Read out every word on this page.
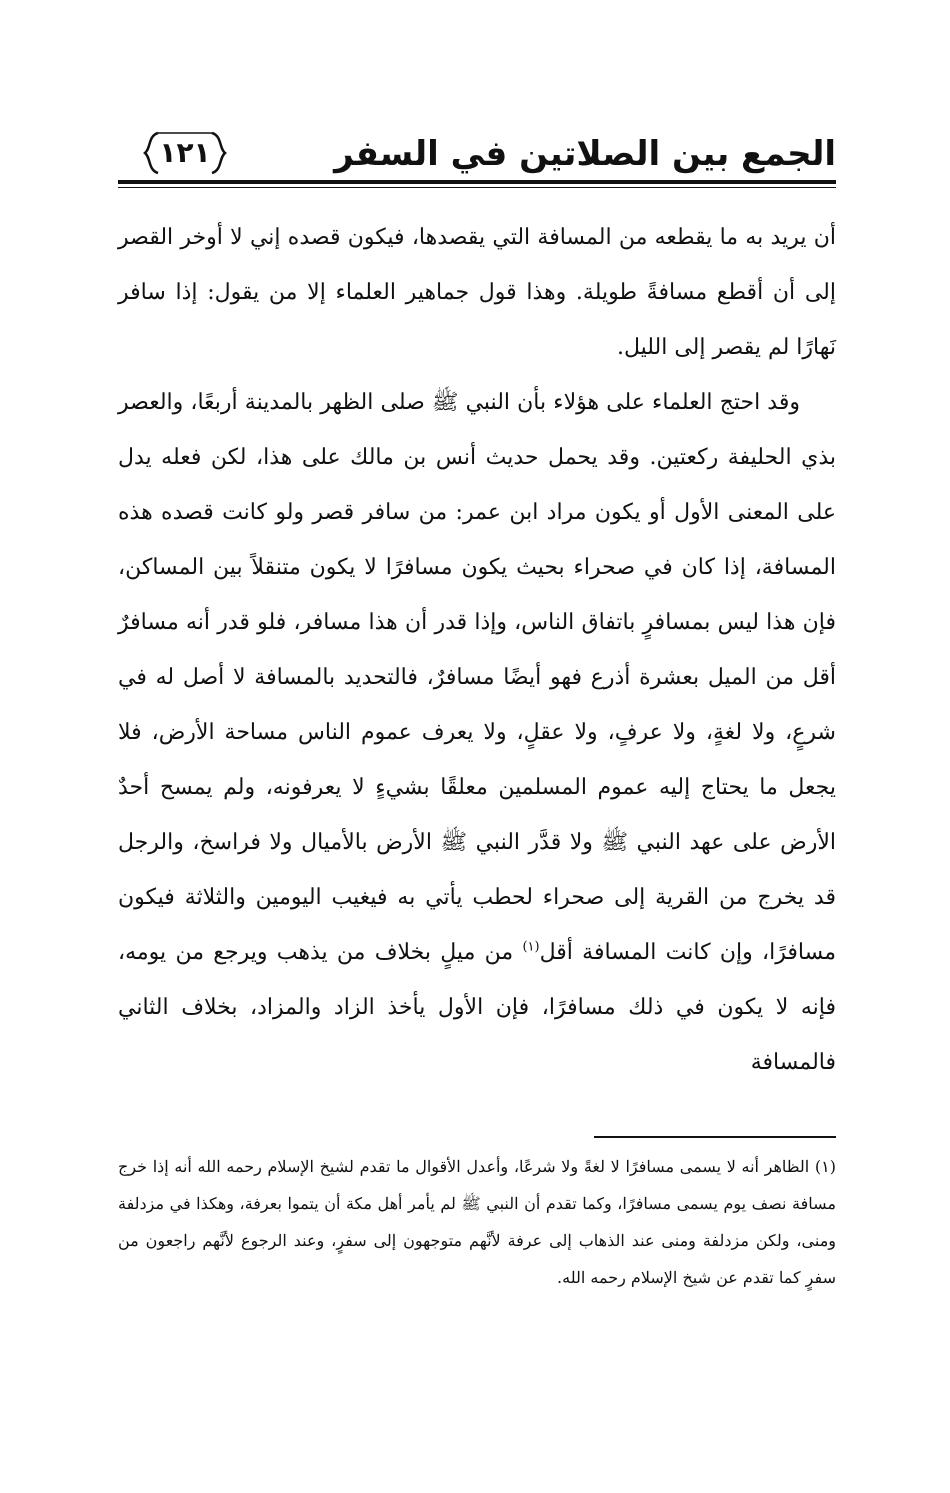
الجمع بين الصلاتين في السفر
١٢١

أن يريد به ما يقطعه من المسافة التي يقصدها، فيكون قصده إني لا أوخر القصر إلى أن أقطع مسافةً طويلة. وهذا قول جماهير العلماء إلا من يقول: إذا سافر نَهارًا لم يقصر إلى الليل.

وقد احتج العلماء على هؤلاء بأن النبي ﷺ صلى الظهر بالمدينة أربعًا، والعصر بذي الحليفة ركعتين. وقد يحمل حديث أنس بن مالك على هذا، لكن فعله يدل على المعنى الأول أو يكون مراد ابن عمر: من سافر قصر ولو كانت قصده هذه المسافة، إذا كان في صحراء بحيث يكون مسافرًا لا يكون متنقلاً بين المساكن، فإن هذا ليس بمسافرٍ باتفاق الناس، وإذا قدر أن هذا مسافر، فلو قدر أنه مسافرٌ أقل من الميل بعشرة أذرع فهو أيضًا مسافرٌ، فالتحديد بالمسافة لا أصل له في شرعٍ، ولا لغةٍ، ولا عرفٍ، ولا عقلٍ، ولا يعرف عموم الناس مساحة الأرض، فلا يجعل ما يحتاج إليه عموم المسلمين معلقًا بشيءٍ لا يعرفونه، ولم يمسح أحدٌ الأرض على عهد النبي ﷺ ولا قدَّر النبي ﷺ الأرض بالأميال ولا فراسخ، والرجل قد يخرج من القرية إلى صحراء لحطب يأتي به فيغيب اليومين والثلاثة فيكون مسافرًا، وإن كانت المسافة أقل$^{(١)}$ من ميلٍ بخلاف من يذهب ويرجع من يومه، فإنه لا يكون في ذلك مسافرًا، فإن الأول يأخذ الزاد والمزاد، بخلاف الثاني فالمسافة

(١) الظاهر أنه لا يسمى مسافرًا لا لغةً ولا شرعًا، وأعدل الأقوال ما تقدم لشيخ الإسلام رحمه الله أنه إذا خرج مسافة نصف يوم يسمى مسافرًا، وكما تقدم أن النبي ﷺ لم يأمر أهل مكة أن يتموا بعرفة، وهكذا في مزدلفة ومنى، ولكن مزدلفة ومنى عند الذهاب إلى عرفة لأنَّهم متوجهون إلى سفرٍ، وعند الرجوع لأنَّهم راجعون من سفرٍ كما تقدم عن شيخ الإسلام رحمه الله.
